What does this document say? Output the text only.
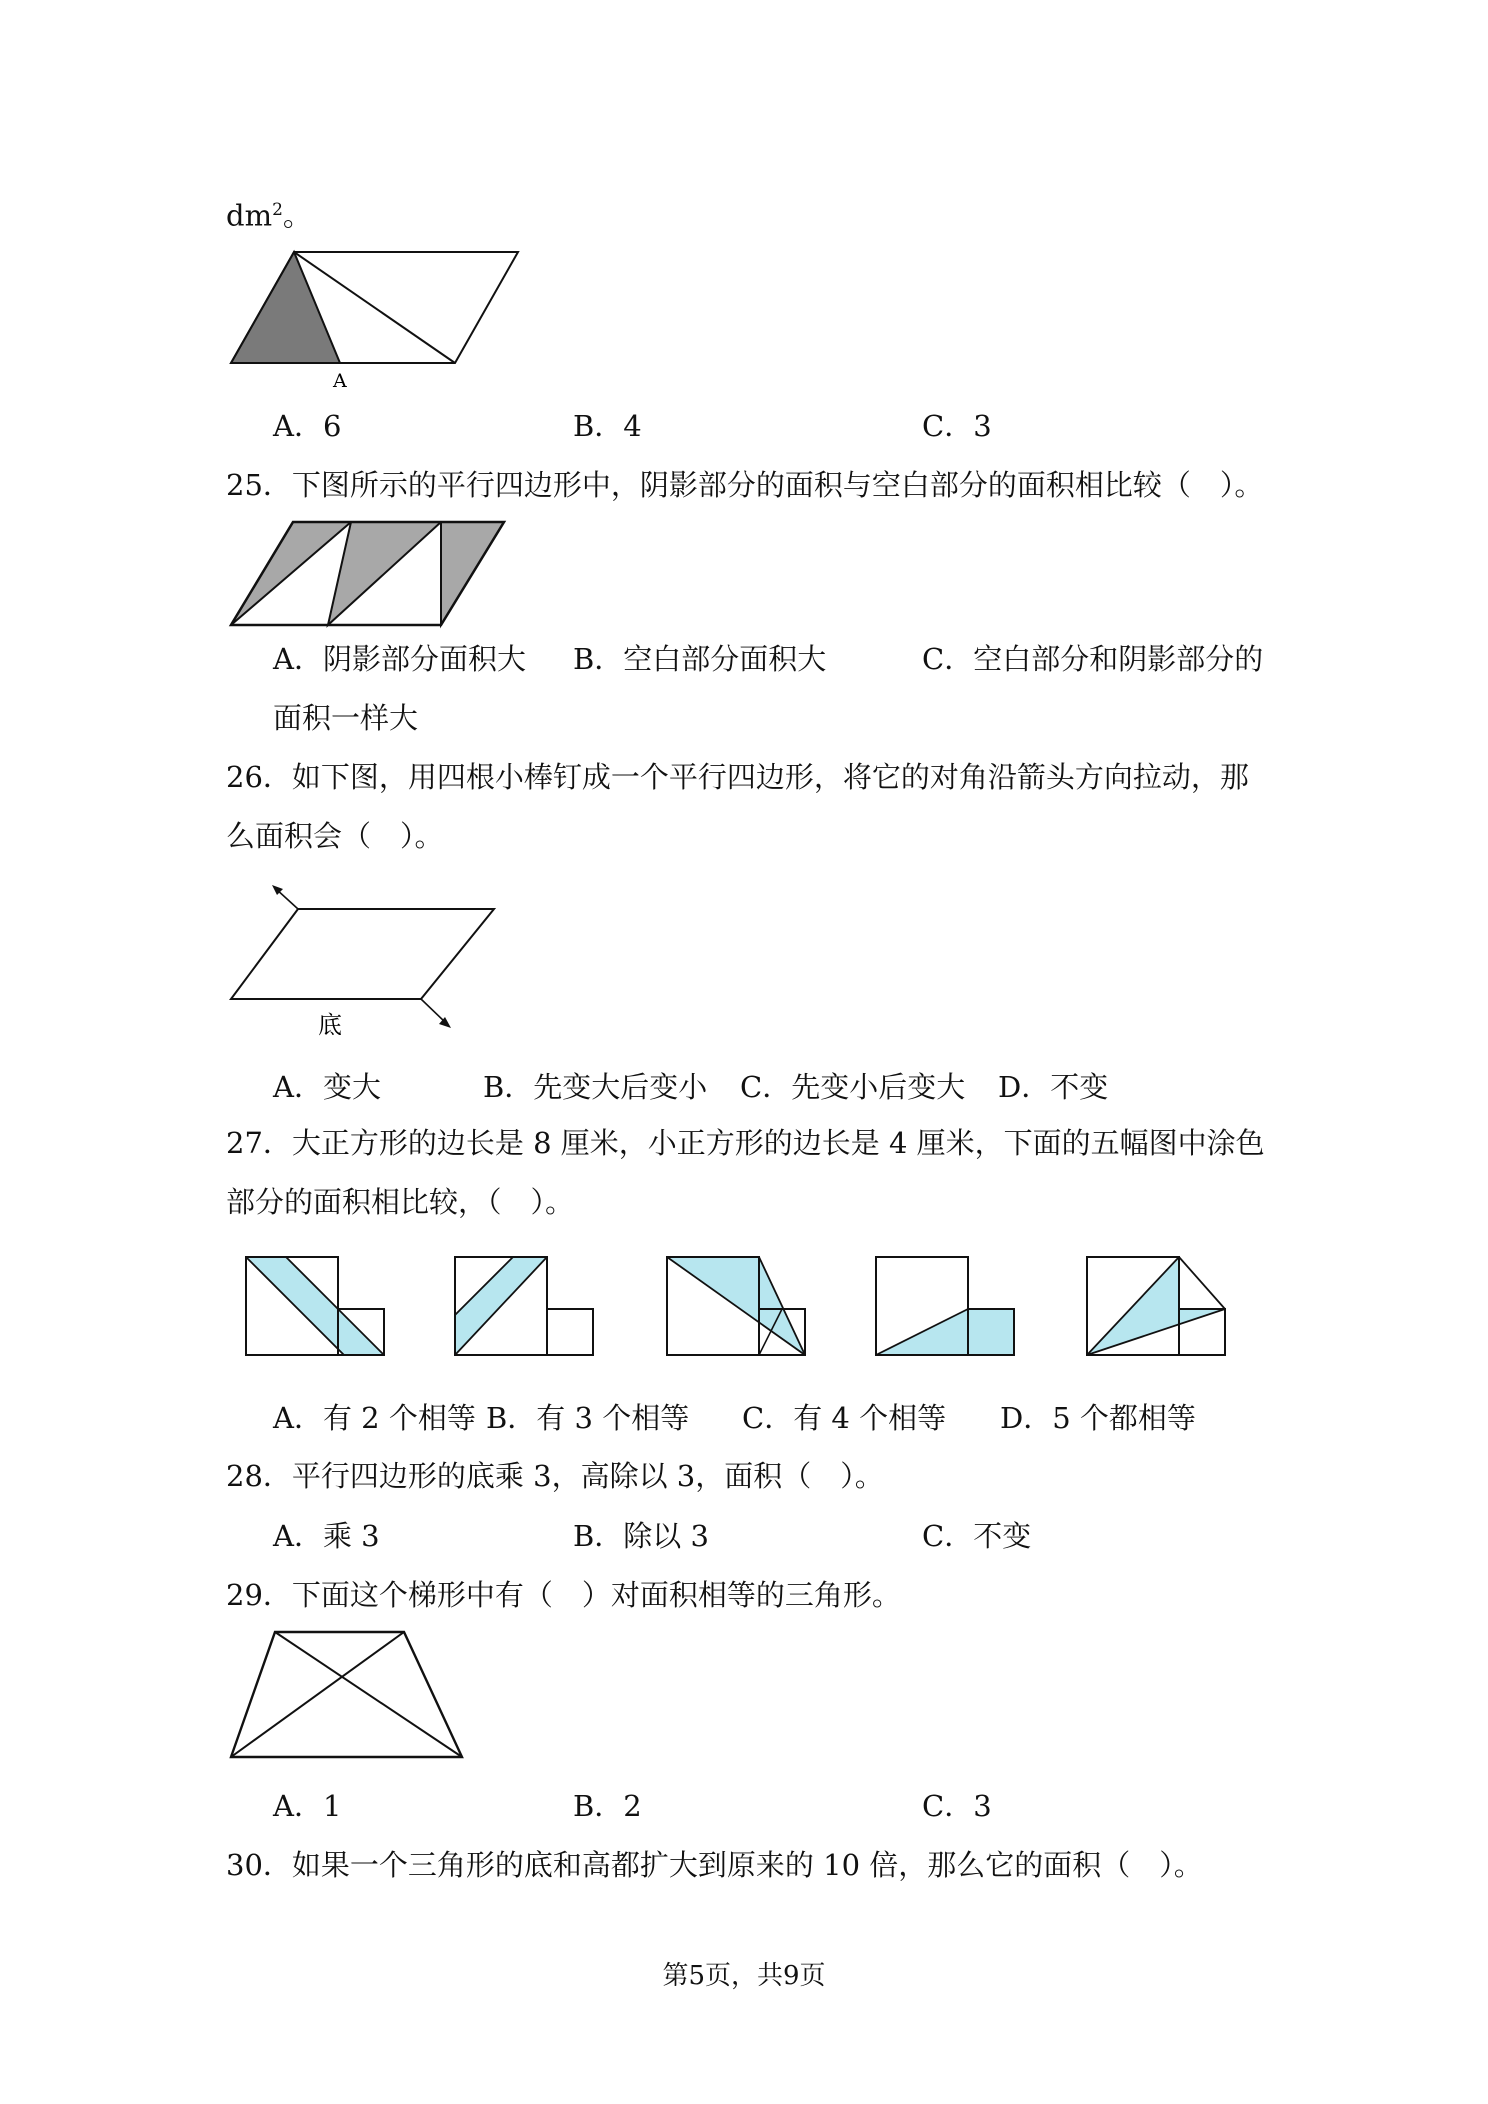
$dm^2$。
A
A．6	B．4	C．3
25．下图所示的平行四边形中，阴影部分的面积与空白部分的面积相比较（　）。
A．阴影部分面积大 B．空白部分面积大	C．空白部分和阴影部分的
面积一样大
26．如下图，用四根小棒钉成一个平行四边形，将它的对角沿箭头方向拉动，那
么面积会（　）。
底
A．变大	B．先变大后变小 C．先变小后变大 D．不变
27．大正方形的边长是 8 厘米，小正方形的边长是 4 厘米，下面的五幅图中涂色
部分的面积相比较，（　）。
A．有 2 个相等 B．有 3 个相等 C．有 4 个相等 D．5 个都相等
28．平行四边形的底乘 3，高除以 3，面积（　）。
A．乘 3	B．除以 3	C．不变
29．下面这个梯形中有（　）对面积相等的三角形。
A．1	B．2	C．3
30．如果一个三角形的底和高都扩大到原来的 10 倍，那么它的面积（　）。
第5页，共9页
